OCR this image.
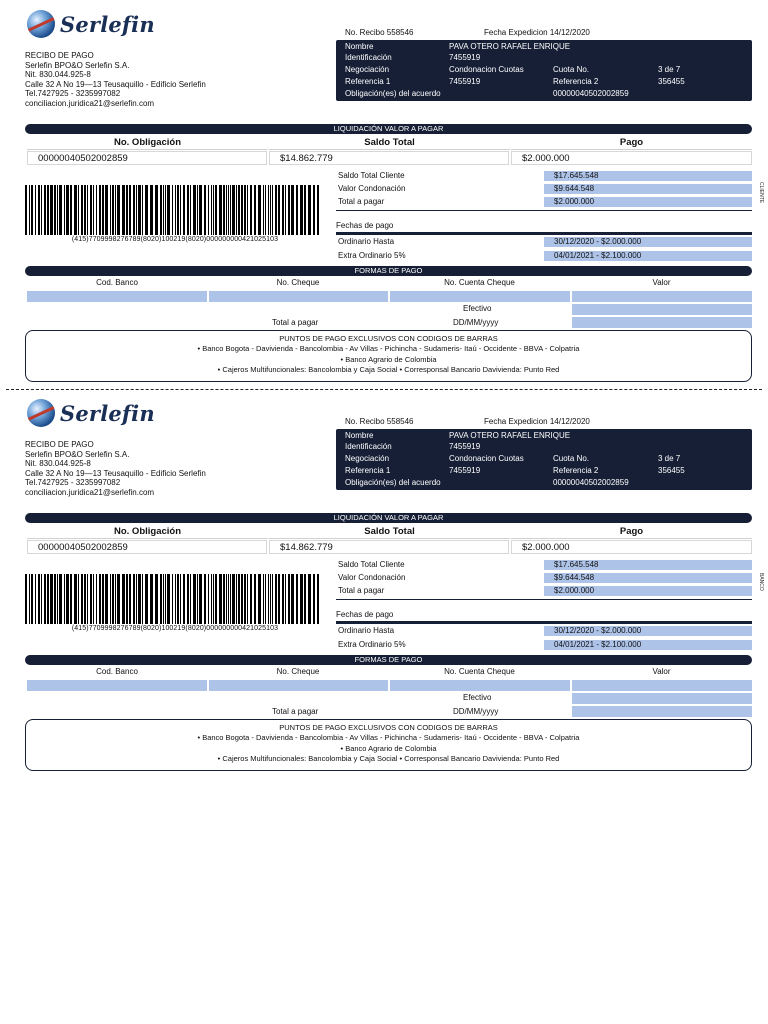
Serlefin
RECIBO DE PAGO
Serlefin BPO&O Serlefin S.A.
Nit. 830.044.925-8
Calle 32 A No 19—13 Teusaquillo - Edificio Serlefin
Tel.7427925 - 3235997082
conciliacion.juridica21@serlefin.com
No. Recibo 558546	Fecha Expedicion 14/12/2020
Nombre	PAVA OTERO RAFAEL ENRIQUE
Identificación	7455919
Negociación	Condonacion Cuotas	Cuota No.	3 de 7
Referencia 1	7455919	Referencia 2	356455
Obligación(es) del acuerdo	00000040502002859
LIQUIDACIÓN VALOR A PAGAR
No. Obligación	Saldo Total	Pago
00000040502002859	$14.862.779	$2.000.000
(415)7709998276789(8020)100219(8020)000000000421025103
Saldo Total Cliente	$17.645.548
Valor Condonación	$9.644.548
Total a pagar	$2.000.000
Fechas de pago
Ordinario Hasta	30/12/2020 - $2.000.000
Extra Ordinario 5%	04/01/2021 - $2.100.000
CLIENTE
FORMAS DE PAGO
Cod. Banco	No. Cheque	No. Cuenta Cheque	Valor
Efectivo
Total a pagar	DD/MM/yyyy
PUNTOS DE PAGO EXCLUSIVOS CON CODIGOS DE BARRAS
• Banco Bogota - Davivienda - Bancolombia - Av Villas - Pichincha - Sudameris- Itaú - Occidente - BBVA - Colpatria
• Banco Agrario de Colombia
• Cajeros Multifuncionales: Bancolombia y Caja Social • Corresponsal Bancario Davivienda: Punto Red
Serlefin
RECIBO DE PAGO
Serlefin BPO&O Serlefin S.A.
Nit. 830.044.925-8
Calle 32 A No 19—13 Teusaquillo - Edificio Serlefin
Tel.7427925 - 3235997082
conciliacion.juridica21@serlefin.com
No. Recibo 558546	Fecha Expedicion 14/12/2020
Nombre	PAVA OTERO RAFAEL ENRIQUE
Identificación	7455919
Negociación	Condonacion Cuotas	Cuota No.	3 de 7
Referencia 1	7455919	Referencia 2	356455
Obligación(es) del acuerdo	00000040502002859
LIQUIDACIÓN VALOR A PAGAR
No. Obligación	Saldo Total	Pago
00000040502002859	$14.862.779	$2.000.000
(415)7709998276789(8020)100219(8020)000000000421025103
Saldo Total Cliente	$17.645.548
Valor Condonación	$9.644.548
Total a pagar	$2.000.000
Fechas de pago
Ordinario Hasta	30/12/2020 - $2.000.000
Extra Ordinario 5%	04/01/2021 - $2.100.000
BANCO
FORMAS DE PAGO
Cod. Banco	No. Cheque	No. Cuenta Cheque	Valor
Efectivo
Total a pagar	DD/MM/yyyy
PUNTOS DE PAGO EXCLUSIVOS CON CODIGOS DE BARRAS
• Banco Bogota - Davivienda - Bancolombia - Av Villas - Pichincha - Sudameris- Itaú - Occidente - BBVA - Colpatria
• Banco Agrario de Colombia
• Cajeros Multifuncionales: Bancolombia y Caja Social • Corresponsal Bancario Davivienda: Punto Red
